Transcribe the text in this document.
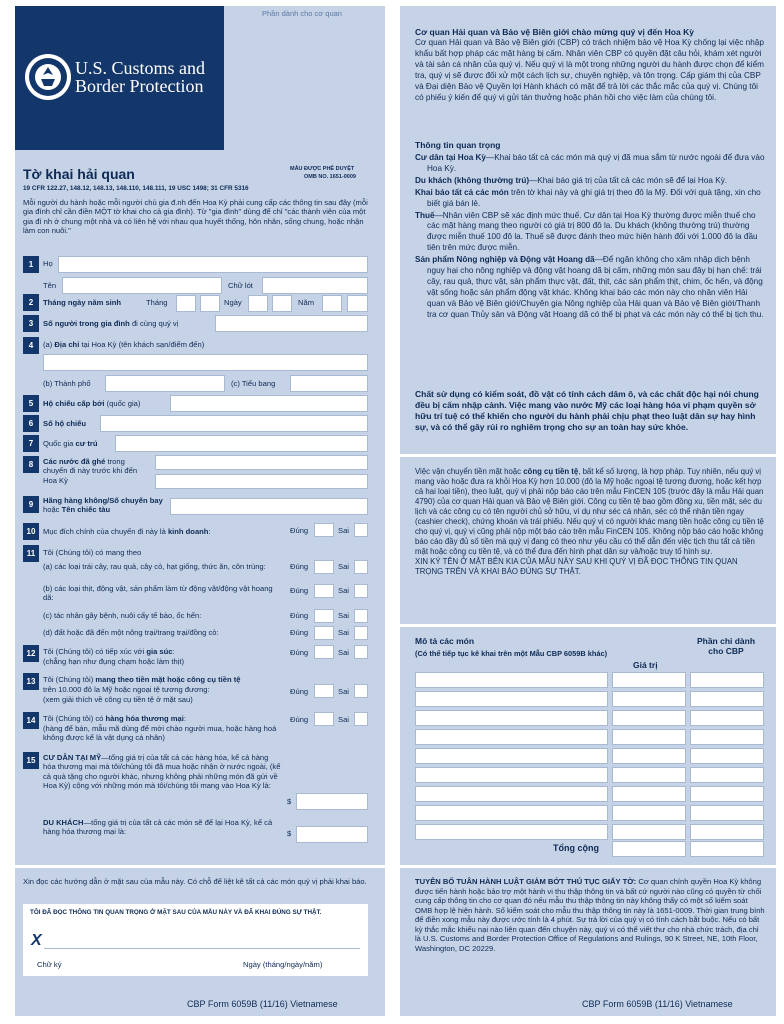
Phần dành cho cơ quan
U.S. Customs and
Border Protection
Tờ khai hải quan	MẪU ĐƯỢC PHÊ DUYỆT
OMB NO. 1651-0009
19 CFR 122.27, 148.12, 148.13, 148.110, 148.111, 19 USC 1498; 31 CFR 5316
Mỗi người du hành hoặc mỗi người chủ gia đ.nh đến Hoa Kỳ phải cung cấp các thông tin sau đây (mỗi gia đình chỉ cần điền MỘT tờ khai cho cả gia đình). Từ "gia đình" dùng để chỉ "các thành viên của một gia đì nh ở chung một nhà và có liên hệ với nhau qua huyết thống, hôn nhân, sống chung, hoặc nhận làm con nuôi."
1	Họ
Tên	Chữ lót
2	Tháng ngày năm sinh	Tháng	Ngày	Năm
3	Số người trong gia đình đi cùng quý vị
4	(a) Địa chỉ tại Hoa Kỳ (tên khách sạn/điểm đến)
(b) Thành phố	(c) Tiểu bang
5	Hộ chiếu cấp bởi (quốc gia)
6	Số hộ chiếu
7	Quốc gia cư trú
8	Các nước đã ghé trong chuyến đi này trước khi đến Hoa Kỳ
9	Hãng hàng không/Số chuyến bay hoặc Tên chiếc tàu
10 Mục đích chính của chuyến đi này là kinh doanh:	Đúng	Sai
11	Tôi (Chúng tôi) có mang theo
(a) các loại trái cây, rau quả, cây cỏ, hạt giống, thức ăn, côn trùng:	Đúng	Sai
(b) các loại thịt, động vật, sản phẩm làm từ động vật/động vật hoang dã:
Đúng	Sai
(c) tác nhân gây bệnh, nuôi cấy tế bào, ốc hến:	Đúng	Sai
(d) đất hoặc đã đến một nông trại/trang trại/đồng cỏ:	Đúng	Sai
12 Tôi (Chúng tôi) có tiếp xúc với gia súc:
(chẳng hạn như đụng chạm hoặc làm thịt)
Đúng	Sai
13 Tôi (Chúng tôi) mang theo tiền mặt hoặc công cụ tiền tệ
trên 10.000 đô la Mỹ hoặc ngoại tệ tương đương:
(xem giải thích về công cụ tiền tệ ở mặt sau)
Đúng	Sai
14 Tôi (Chúng tôi) có hàng hóa thương mại:
(hàng để bán, mẫu mã dùng để mời chào người mua, hoặc hàng hoá không được kể là vật dụng cá nhân)
Đúng	Sai
15 CƯ DÂN TẠI MỸ—tổng giá trị của tất cả các hàng hóa, kể cả hàng hóa thương mại mà tôi/chúng tôi đã mua hoặc nhận ở nước ngoài, (kể cả quà tặng cho người khác, nhưng không phải những món đã gửi về Hoa Kỳ) cộng với những món mà tôi/chúng tôi mang vào Hoa Kỳ là:
$
DU KHÁCH—tổng giá trị của tất cả các món sẽ để lại Hoa Kỳ, kể cả hàng hóa thương mại là:	$
Xin đọc các hướng dẫn ở mặt sau của mẫu này. Có chỗ để liệt kê tất cả các món quý vị phải khai báo.
TÔI ĐÃ ĐỌC THÔNG TIN QUAN TRỌNG Ở MẶT SAU CỦA MẪU NÀY VÀ ĐÃ KHAI ĐÚNG SỰ THẬT.
X
Chữ ký	Ngày (tháng/ngày/năm)
CBP Form 6059B (11/16) Vietnamese
Cơ quan Hải quan và Bảo vệ Biên giới chào mừng quý vị đến Hoa Kỳ
Cơ quan Hải quan và Bảo vệ Biên giới (CBP) có trách nhiệm bảo vệ Hoa Kỳ chống lại việc nhập khẩu bất hợp pháp các mặt hàng bị cấm. Nhân viên CBP có quyền đặt câu hỏi, khám xét người và tài sản cá nhân của quý vị. Nếu quý vị là một trong những người du hành được chọn để kiểm tra, quý vị sẽ được đối xử một cách lịch sự, chuyên nghiệp, và tôn trọng. Cấp giám thị của CBP và Đại diện Bảo vệ Quyền lợi Hành khách có mặt để trả lời các thắc mắc của quý vị. Chúng tôi có phiếu ý kiến để quý vị gửi tán thưởng hoặc phản hồi cho việc làm của chúng tôi.
Thông tin quan trọng
Cư dân tại Hoa Kỳ—Khai báo tất cả các món mà quý vị đã mua sắm từ nước ngoài để đưa vào Hoa Kỳ.
Du khách (không thường trú)—Khai báo giá trị của tất cả các món sẽ để lại Hoa Kỳ.
Khai báo tất cả các món trên tờ khai này và ghi giá trị theo đô la Mỹ. Đối với quà tặng, xin cho biết giá bán lẻ.
Thuế—Nhân viên CBP sẽ xác định mức thuế. Cư dân tại Hoa Kỳ thường được miễn thuế cho các mặt hàng mang theo người có giá trị 800 đô la. Du khách (không thường trú) thường được miễn thuế 100 đô la. Thuế sẽ được đánh theo mức hiện hành đối với 1.000 đô la đầu tiên trên mức được miễn.
Sản phẩm Nông nghiệp và Động vật Hoang dã—Để ngăn không cho xâm nhập dịch bệnh nguy hại cho nông nghiệp và động vật hoang dã bị cấm, những món sau đây bị hạn chế: trái cây, rau quả, thực vật, sản phẩm thực vật, đất, thịt, các sản phẩm thịt, chim, ốc hến, và động vật sống hoặc sản phẩm động vật khác. Không khai báo các món này cho nhân viên Hải quan và Bảo vệ Biên giới/Chuyên gia Nông nghiệp của Hải quan và Bảo vệ Biên giới/Thanh tra cơ quan Thủy sản và Động vật Hoang dã có thể bị phạt và các món này có thể bị tịch thu.
Chất sử dụng có kiểm soát, đồ vật có tính cách dâm ô, và các chất độc hại nói chung đều bị cấm nhập cảnh. Việc mang vào nước Mỹ các loại hàng hóa vi phạm quyền sở hữu trí tuệ có thể khiến cho người du hành phải chịu phạt theo luật dân sự hay hình sự, và có thể gây rủi ro nghiêm trọng cho sự an toàn hay sức khỏe.
Việc vận chuyển tiền mặt hoặc công cụ tiền tệ, bất kể số lượng, là hợp pháp. Tuy nhiên, nếu quý vị mang vào hoặc đưa ra khỏi Hoa Kỳ hơn 10.000 (đô la Mỹ hoặc ngoại tệ tương đương, hoặc kết hợp cả hai loại tiền), theo luật, quý vị phải nộp báo cáo trên mẫu FinCEN 105 (trước đây là mẫu Hải quan 4790) của cơ quan Hải quan và Bảo vệ Biên giới. Công cụ tiền tệ bao gồm đồng xu, tiền mặt, séc du lịch và các công cụ có tên người chủ sở hữu, ví dụ như séc cá nhân, séc có thể nhận tiền ngay (cashier check), chứng khoán và trái phiếu. Nếu quý vị có người khác mang tiền hoặc công cụ tiền tệ cho quý vị, quý vị cũng phải nộp một báo cáo trên mẫu FinCEN 105. Không nộp báo cáo hoặc không báo cáo đầy đủ số tiền mà quý vị đang có theo như yêu cầu có thể dẫn đến việc tịch thu tất cả tiền mặt hoặc công cụ tiền tệ, và có thể đưa đến hình phạt dân sự và/hoặc truy tố hình sự.
XIN KÝ TÊN Ở MẶT BÊN KIA CỦA MẪU NÀY SAU KHI QUÝ VỊ ĐÃ ĐỌC THÔNG TIN QUAN TRỌNG TRÊN VÀ KHAI BÁO ĐÚNG SỰ THẬT.
Mô tả các món
(Có thể tiếp tục kê khai trên một Mẫu CBP 6059B khác)
Giá trị
Phần chỉ dành cho CBP
Tổng cộng
TUYÊN BỐ TUÂN HÀNH LUẬT GIẢM BỚT THỦ TỤC GIẤY TỜ: Cơ quan chính quyền Hoa Kỳ không được tiến hành hoặc bảo trợ một hành vi thu thập thông tin và bất cứ người nào cũng có quyền từ chối cung cấp thông tin cho cơ quan đó nếu mẫu thu thập thông tin này không thấy có một số kiểm soát OMB hợp lệ hiện hành. Số kiểm soát cho mẫu thu thập thông tin này là 1651-0009. Thời gian trung bình để điền xong mẫu này được ước tính là 4 phút. Sự trả lời của quý vị có tính cách bắt buộc. Nếu có bất kỳ thắc mắc khiếu nại nào liên quan đến chuyện này, quý vị có thể viết thư cho nhà chức trách, địa chỉ là U.S. Customs and Border Protection Office of Regulations and Rulings, 90 K Street, NE, 10th Floor, Washington, DC 20229.
CBP Form 6059B (11/16) Vietnamese
